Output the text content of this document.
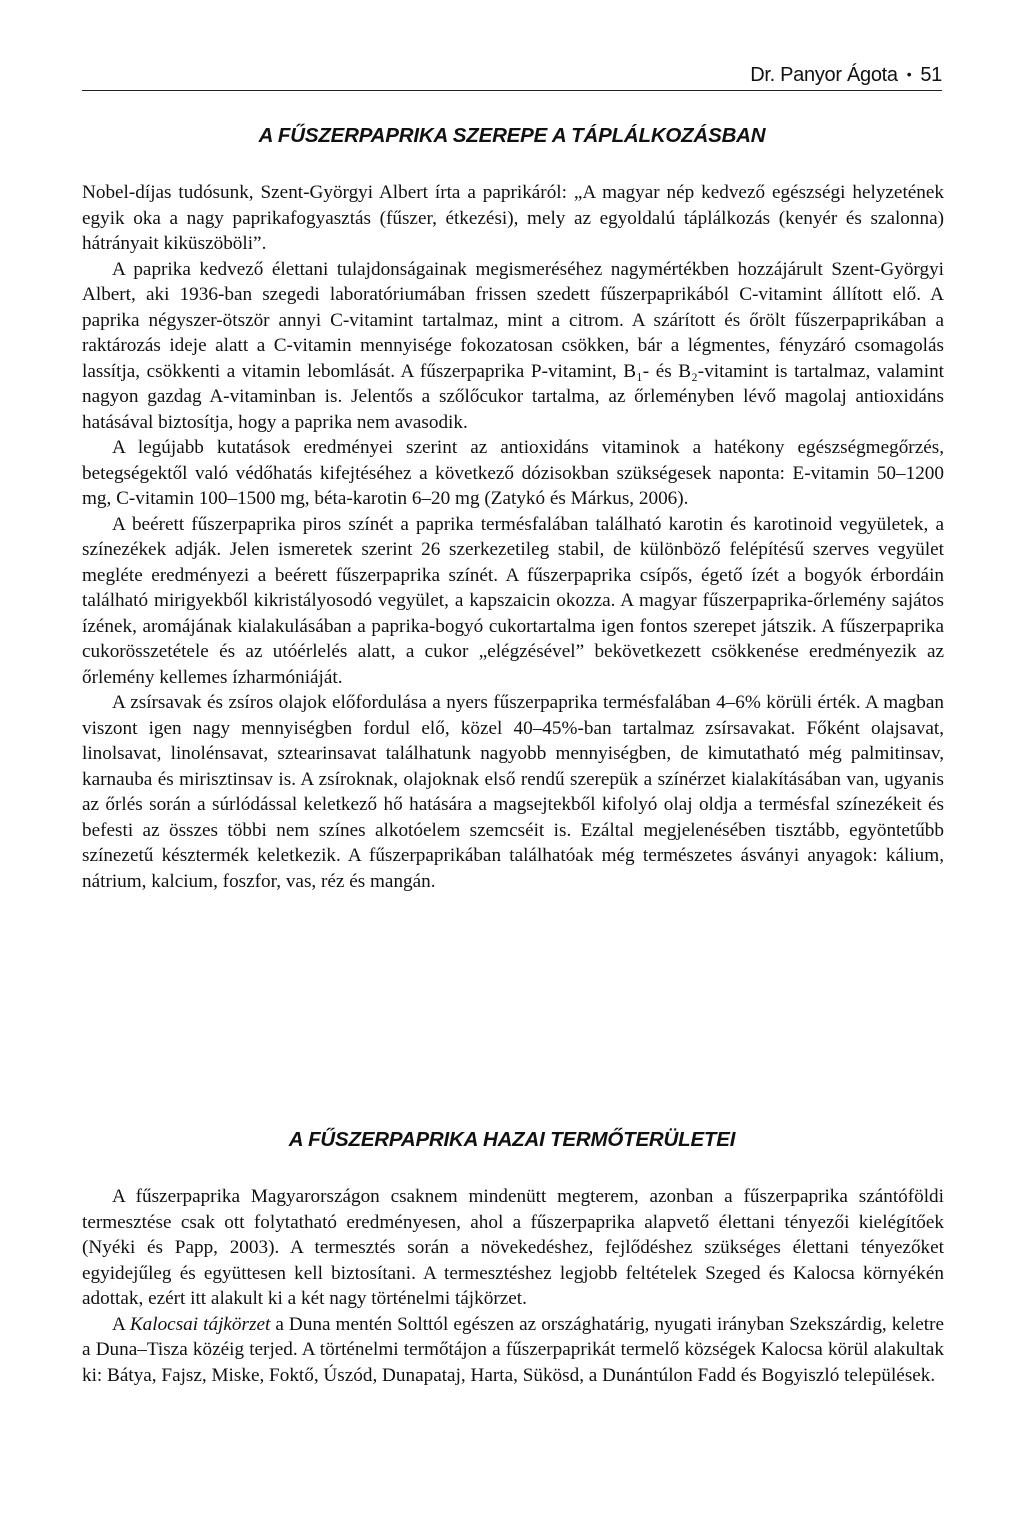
Dr. Panyor Ágota • 51
A FŰSZERPAPRIKA SZEREPE A TÁPLÁLKOZÁSBAN

Nobel-díjas tudósunk, Szent-Györgyi Albert írta a paprikáról: „A magyar nép kedvező egészségi helyzetének egyik oka a nagy paprikafogyasztás (fűszer, étkezési), mely az egyoldalú táplálkozás (kenyér és szalonna) hátrányait kiküszöböli”.

A paprika kedvező élettani tulajdonságainak megismeréséhez nagymértékben hozzájárult Szent-Györgyi Albert, aki 1936-ban szegedi laboratóriumában frissen szedett fűszerpaprikából C-vitamint állított elő. A paprika négyszer-ötször annyi C-vitamint tartalmaz, mint a citrom. A szárított és őrölt fűszerpaprikában a raktározás ideje alatt a C-vitamin mennyisége fokozatosan csökken, bár a légmentes, fényzáró csomagolás lassítja, csökkenti a vitamin lebomlását. A fűszerpaprika P-vitamint, B₁- és B₂-vitamint is tartalmaz, valamint nagyon gazdag A-vitaminban is. Jelentős a szőlőcukor tartalma, az őrleményben lévő magolaj antioxidáns hatásával biztosítja, hogy a paprika nem avasodik.

A legújabb kutatások eredményei szerint az antioxidáns vitaminok a hatékony egészségmegőrzés, betegségektől való védőhatás kifejtéséhez a következő dózisokban szükségesek naponta: E-vitamin 50–1200 mg, C-vitamin 100–1500 mg, béta-karotin 6–20 mg (Zatykó és Márkus, 2006).

A beérett fűszerpaprika piros színét a paprika termésfalában található karotin és karotinoid vegyületek, a színezékek adják. Jelen ismeretek szerint 26 szerkezetileg stabil, de különböző felépítésű szerves vegyület megléte eredményezi a beérett fűszerpaprika színét. A fűszerpaprika csípős, égető ízét a bogyók érbordáin található mirigyekből kikristályosodó vegyület, a kapszaicin okozza. A magyar fűszerpaprika-őrlemény sajátos ízének, aromájának kialakulásában a paprika-bogyó cukortartalma igen fontos szerepet játszik. A fűszerpaprika cukorösszetétele és az utóérlelés alatt, a cukor „elégzésével” bekövetkezett csökkenése eredményezik az őrlemény kellemes ízharmóniáját.

A zsírsavak és zsíros olajok előfordulása a nyers fűszerpaprika termésfalában 4–6% körüli érték. A magban viszont igen nagy mennyiségben fordul elő, közel 40–45%-ban tartalmaz zsírsavakat. Főként olajsavat, linolsavat, linolénsavat, sztearinsavat találhatunk nagyobb mennyiségben, de kimutatható még palmitinsav, karnauba és mirisztinsav is. A zsíroknak, olajoknak első rendű szerepük a színérzet kialakításában van, ugyanis az őrlés során a súrlódással keletkező hő hatására a magsejtekből kifolyó olaj oldja a termésfal színezékeit és befesti az összes többi nem színes alkotóelem szemcséit is. Ezáltal megjelenésében tisztább, egyöntetűbb színezetű késztermék keletkezik. A fűszerpaprikában találhatóak még természetes ásványi anyagok: kálium, nátrium, kalcium, foszfor, vas, réz és mangán.

A FŰSZERPAPRIKA HAZAI TERMŐTERÜLETEI

A fűszerpaprika Magyarországon csaknem mindenütt megterem, azonban a fűszerpaprika szántóföldi termesztése csak ott folytatható eredményesen, ahol a fűszerpaprika alapvető élettani tényezői kielégítőek (Nyéki és Papp, 2003). A termesztés során a növekedéshez, fejlődéshez szükséges élettani tényezőket egyidejűleg és együttesen kell biztosítani. A termesztéshez legjobb feltételek Szeged és Kalocsa környékén adottak, ezért itt alakult ki a két nagy történelmi tájkörzet.

A Kalocsai tájkörzet a Duna mentén Solttól egészen az országhatárig, nyugati irányban Szekszárdig, keletre a Duna–Tisza közéig terjed. A történelmi termőtájon a fűszerpaprikát termelő községek Kalocsa körül alakultak ki: Bátya, Fajsz, Miske, Foktő, Úszód, Dunapataj, Harta, Sükösd, a Dunántúlon Fadd és Bogyiszló települések.
